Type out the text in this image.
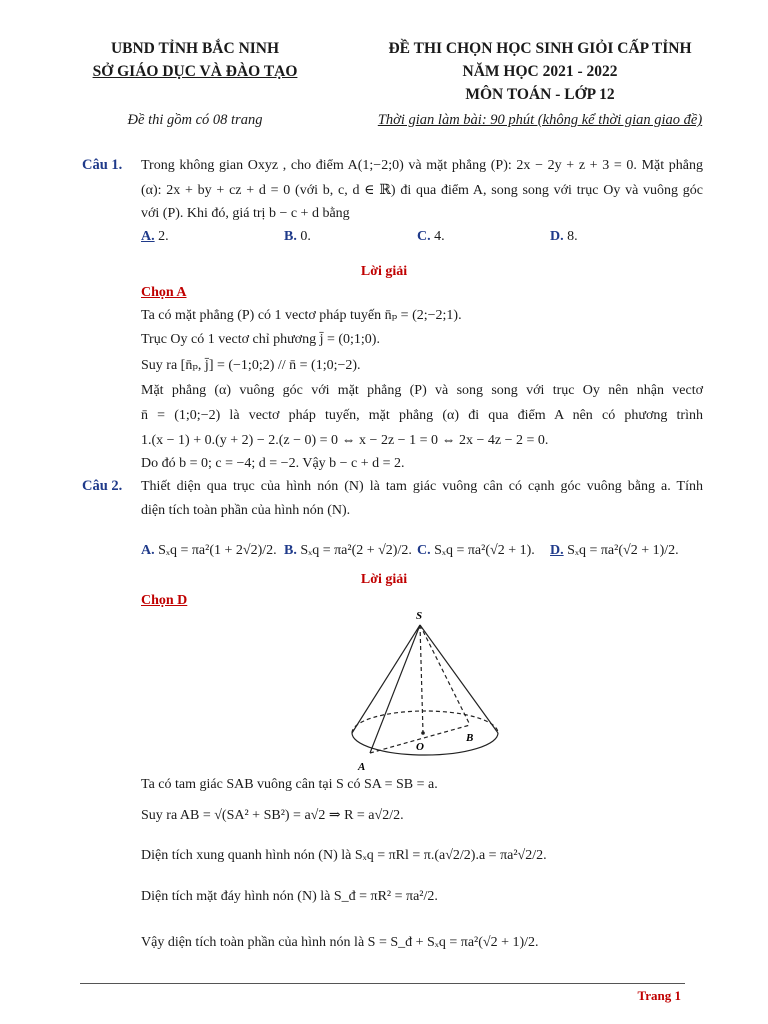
UBND TỈNH BẮC NINH
SỞ GIÁO DỤC VÀ ĐÀO TẠO
Đề thi gồm có 08 trang
ĐỀ THI CHỌN HỌC SINH GIỎI CẤP TỈNH
NĂM HỌC 2021 - 2022
MÔN TOÁN - LỚP 12
Thời gian làm bài: 90 phút (không kể thời gian giao đề)
Câu 1. Trong không gian Oxyz , cho điểm A(1;−2;0) và mặt phẳng (P): 2x − 2y + z + 3 = 0. Mặt phẳng
(α): 2x + by + cz + d = 0 (với b, c, d ∈ ℝ) đi qua điểm A, song song với trục Oy và vuông góc
với (P). Khi đó, giá trị b − c + d bằng
A. 2.	B. 0.	C. 4.	D. 8.
Lời giải
Chọn A
Ta có mặt phẳng (P) có 1 vectơ pháp tuyến n̄ₚ = (2;−2;1).
Trục Oy có 1 vectơ chỉ phương j̄ = (0;1;0).
Suy ra [n̄ₚ, j̄] = (−1;0;2) // n̄ = (1;0;−2).
Mặt phẳng (α) vuông góc với mặt phẳng (P) và song song với trục Oy nên nhận vectơ
n̄ = (1;0;−2) là vectơ pháp tuyến, mặt phẳng (α) đi qua điểm A nên có phương trình
1.(x − 1) + 0.(y + 2) − 2.(z − 0) = 0 ⇔ x − 2z − 1 = 0 ⇔ 2x − 4z − 2 = 0.
Do đó b = 0; c = −4; d = −2. Vậy b − c + d = 2.
Câu 2. Thiết diện qua trục của hình nón (N) là tam giác vuông cân có cạnh góc vuông bằng a. Tính
diện tích toàn phần của hình nón (N).
A. Sₓq = πa²(1 + 2√2)/2. B. Sₓq = πa²(2 + √2)/2. C. Sₓq = πa²(√2 + 1). D. Sₓq = πa²(√2 + 1)/2.
Lời giải
Chọn D
S
O
A
B
Ta có tam giác SAB vuông cân tại S có SA = SB = a.
Suy ra AB = √(SA² + SB²) = a√2 ⇒ R = a√2/2.
Diện tích xung quanh hình nón (N) là Sₓq = πRl = π.(a√2/2).a = πa²√2/2.
Diện tích mặt đáy hình nón (N) là S_đ = πR² = πa²/2.
Vậy diện tích toàn phần của hình nón là S = S_đ + Sₓq = πa²(√2 + 1)/2.
Trang 1
